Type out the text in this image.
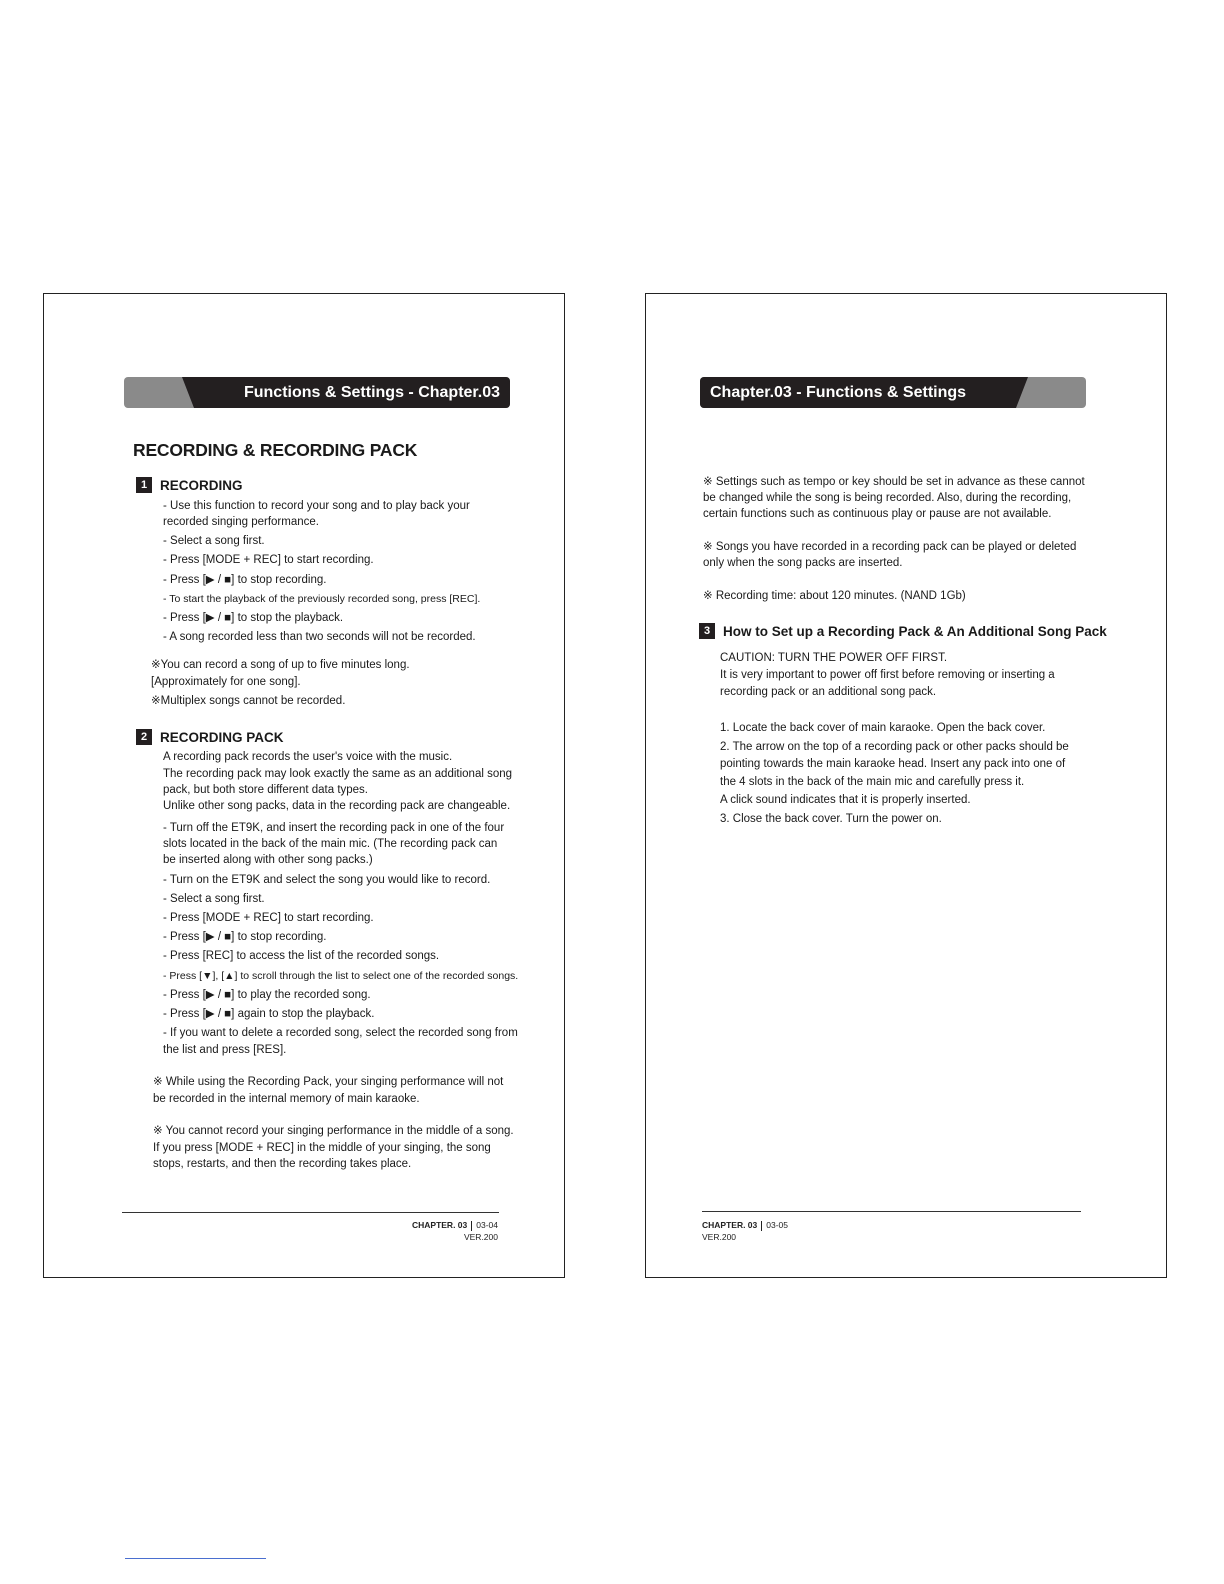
Functions & Settings - Chapter.03
RECORDING & RECORDING PACK
1 RECORDING
- Use this function to record your song and to play back your
recorded singing performance.
- Select a song first.
- Press [MODE + REC] to start recording.
- Press [▶ / ■] to stop recording.
- To start the playback of the previously recorded song, press [REC].
- Press [▶ / ■] to stop the playback.
- A song recorded less than two seconds will not be recorded.
※You can record a song of up to five minutes long.
[Approximately for one song].
※Multiplex songs cannot be recorded.
2 RECORDING PACK
A recording pack records the user's voice with the music.
The recording pack may look exactly the same as an additional song
pack, but both store different data types.
Unlike other song packs, data in the recording pack are changeable.
- Turn off the ET9K, and insert the recording pack in one of the four
slots located in the back of the main mic. (The recording pack can
be inserted along with other song packs.)
- Turn on the ET9K and select the song you would like to record.
- Select a song first.
- Press [MODE + REC] to start recording.
- Press [▶ / ■] to stop recording.
- Press [REC] to access the list of the recorded songs.
- Press [▼], [▲] to scroll through the list to select one of the recorded songs.
- Press [▶ / ■] to play the recorded song.
- Press [▶ / ■] again to stop the playback.
- If you want to delete a recorded song, select the recorded song from
the list and press [RES].
※ While using the Recording Pack, your singing performance will not
be recorded in the internal memory of main karaoke.
※ You cannot record your singing performance in the middle of a song.
If you press [MODE + REC] in the middle of your singing, the song
stops, restarts, and then the recording takes place.
CHAPTER. 03 03-04
VER.200
Chapter.03 - Functions & Settings
※ Settings such as tempo or key should be set in advance as these cannot
be changed while the song is being recorded. Also, during the recording,
certain functions such as continuous play or pause are not available.
※ Songs you have recorded in a recording pack can be played or deleted
only when the song packs are inserted.
※ Recording time: about 120 minutes. (NAND 1Gb)
3 How to Set up a Recording Pack & An Additional Song Pack
CAUTION: TURN THE POWER OFF FIRST.
It is very important to power off first before removing or inserting a
recording pack or an additional song pack.
1. Locate the back cover of main karaoke. Open the back cover.
2. The arrow on the top of a recording pack or other packs should be
pointing towards the main karaoke head. Insert any pack into one of
the 4 slots in the back of the main mic and carefully press it.
A click sound indicates that it is properly inserted.
3. Close the back cover. Turn the power on.
CHAPTER. 03 03-05
VER.200
